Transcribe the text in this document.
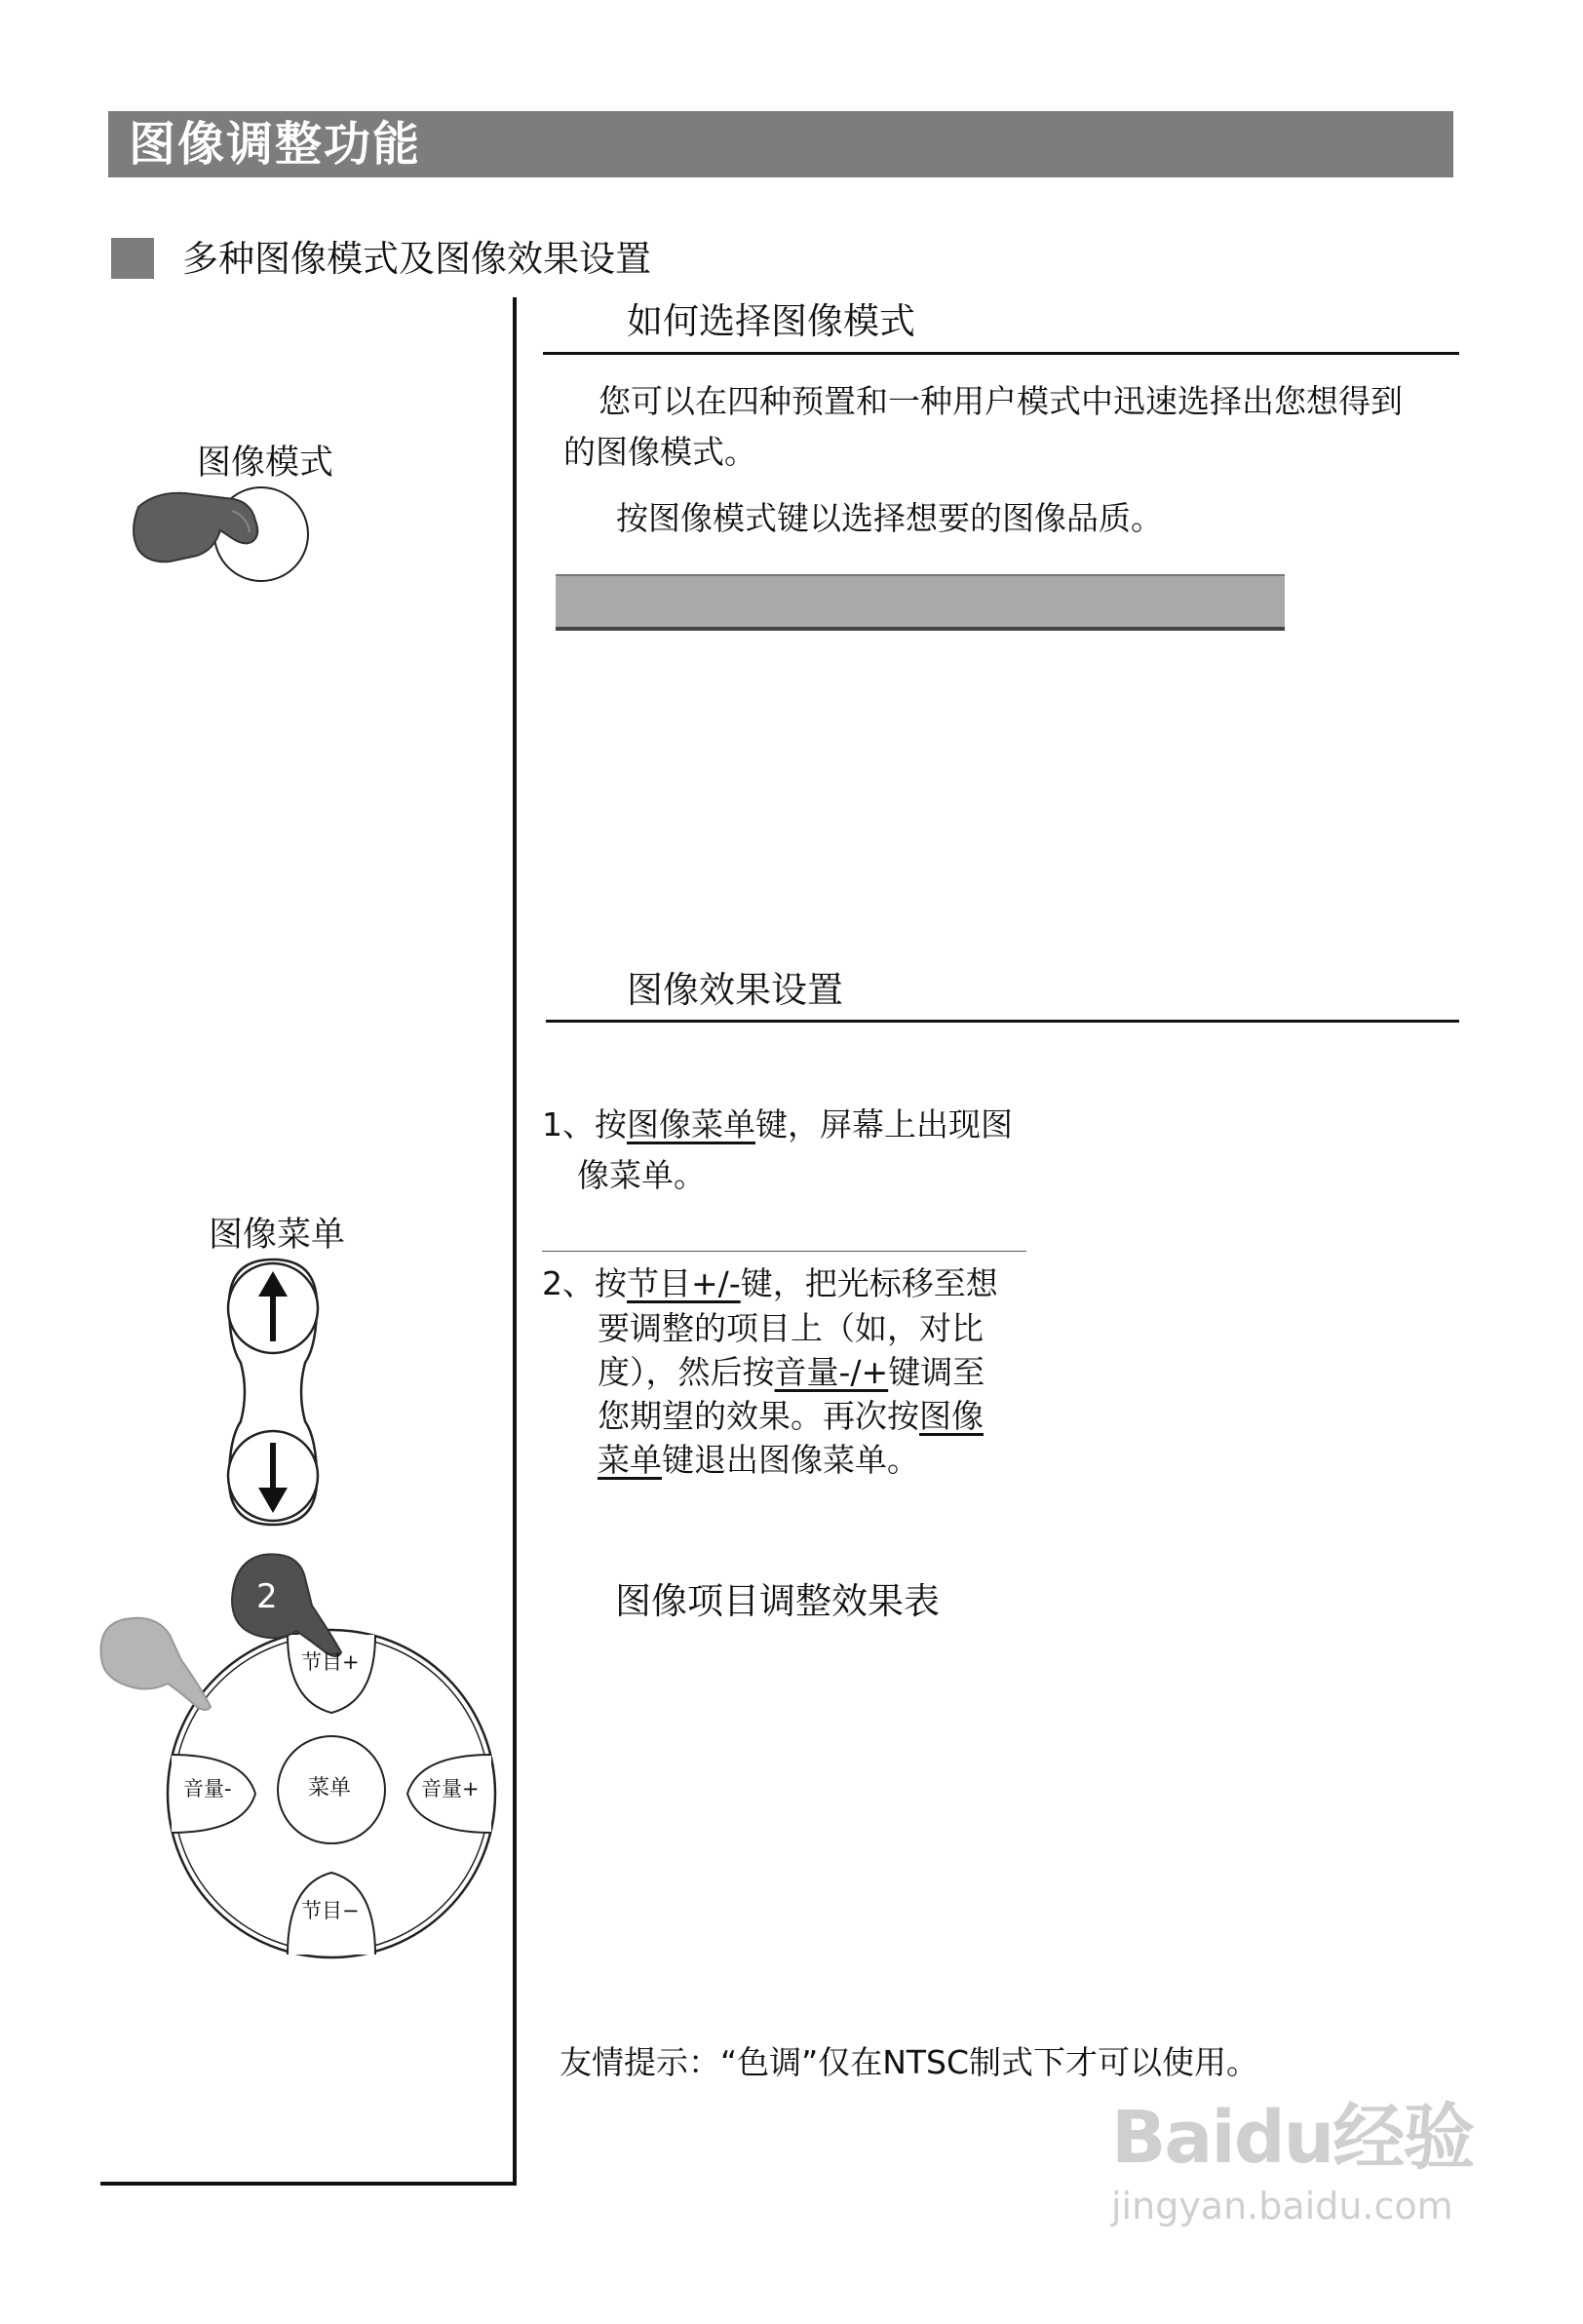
图像调整功能
多种图像模式及图像效果设置
如何选择图像模式
您可以在四种预置和一种用户模式中迅速选择出您想得到
的图像模式。
按图像模式键以选择想要的图像品质。
图像模式
图像效果设置
1、按图像菜单键，屏幕上出现图
像菜单。
2、按节目+/-键，把光标移至想
要调整的项目上（如，对比
度），然后按音量-/+键调至
您期望的效果。再次按图像
菜单键退出图像菜单。
图像项目调整效果表
图像菜单
2
2
节目+
节目−
音量-	音量+
菜单
友情提示：“色调”仅在NTSC制式下才可以使用。
Baidu经验
jingyan.baidu.com
